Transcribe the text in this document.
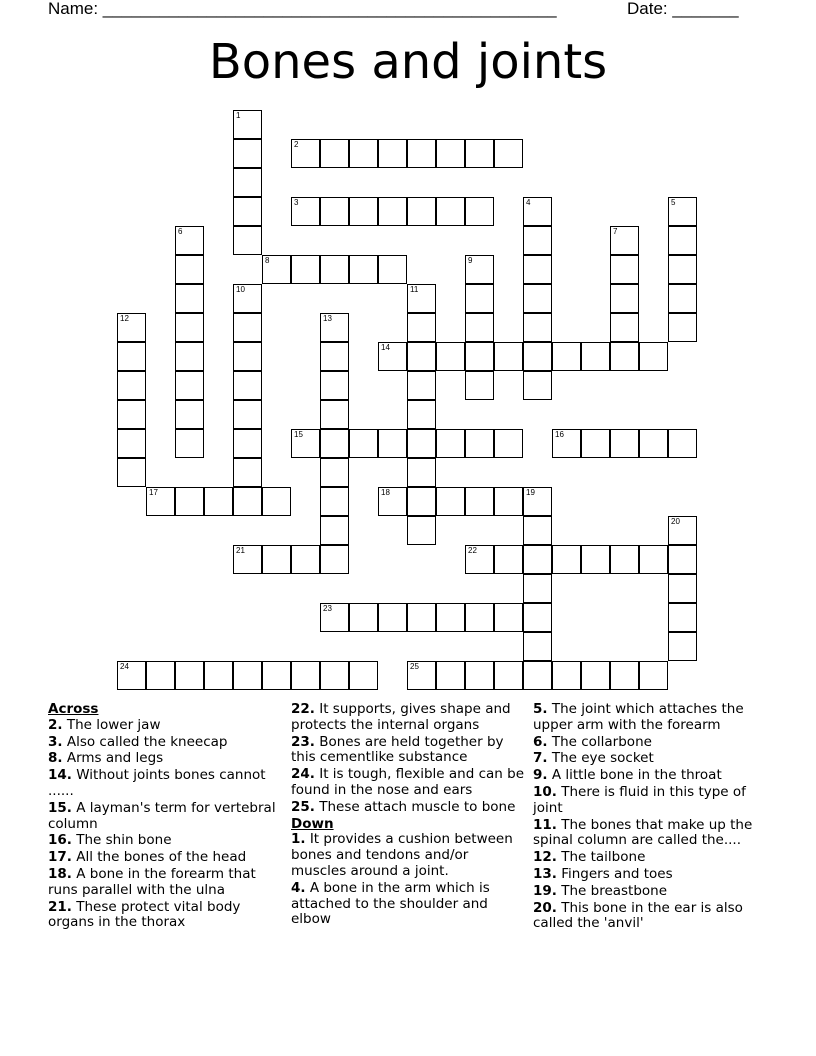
Name: ________________________________________________	Date: _______
Bones and joints
1
2
3	4	5
6	7
8	9
10	11
12	13
14
15	16
17	18	19
20
21	22
23
24	25
Across
2. The lower jaw
3. Also called the kneecap
8. Arms and legs
14. Without joints bones cannot ......
15. A layman's term for vertebral column
16. The shin bone
17. All the bones of the head
18. A bone in the forearm that runs parallel with the ulna
21. These protect vital body organs in the thorax
22. It supports, gives shape and protects the internal organs
23. Bones are held together by this cementlike substance
24. It is tough, flexible and can be found in the nose and ears
25. These attach muscle to bone
Down
1. It provides a cushion between bones and tendons and/or muscles around a joint.
4. A bone in the arm which is attached to the shoulder and elbow
5. The joint which attaches the upper arm with the forearm
6. The collarbone
7. The eye socket
9. A little bone in the throat
10. There is fluid in this type of joint
11. The bones that make up the spinal column are called the....
12. The tailbone
13. Fingers and toes
19. The breastbone
20. This bone in the ear is also called the 'anvil'
